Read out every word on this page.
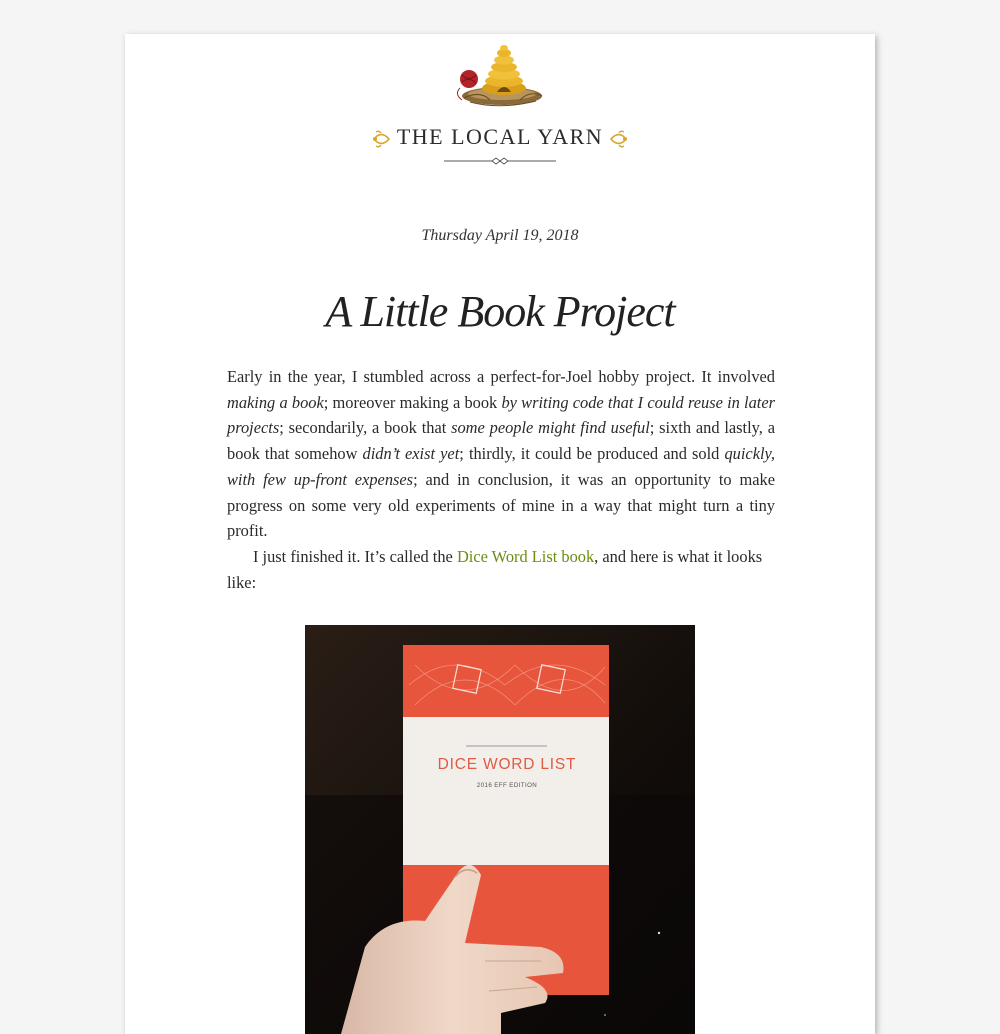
THE LOCAL YARN
Thursday April 19, 2018
A Little Book Project

Early in the year, I stumbled across a perfect-for-Joel hobby project. It involved making a book; moreover making a book by writing code that I could reuse in later projects; secondarily, a book that some people might find useful; sixth and lastly, a book that somehow didn’t exist yet; thirdly, it could be produced and sold quickly, with few up-front expenses; and in conclusion, it was an opportunity to make progress on some very old experiments of mine in a way that might turn a tiny profit.

I just finished it. It’s called the Dice Word List book, and here is what it looks like:

DICE WORD LIST
2016 EFF EDITION
